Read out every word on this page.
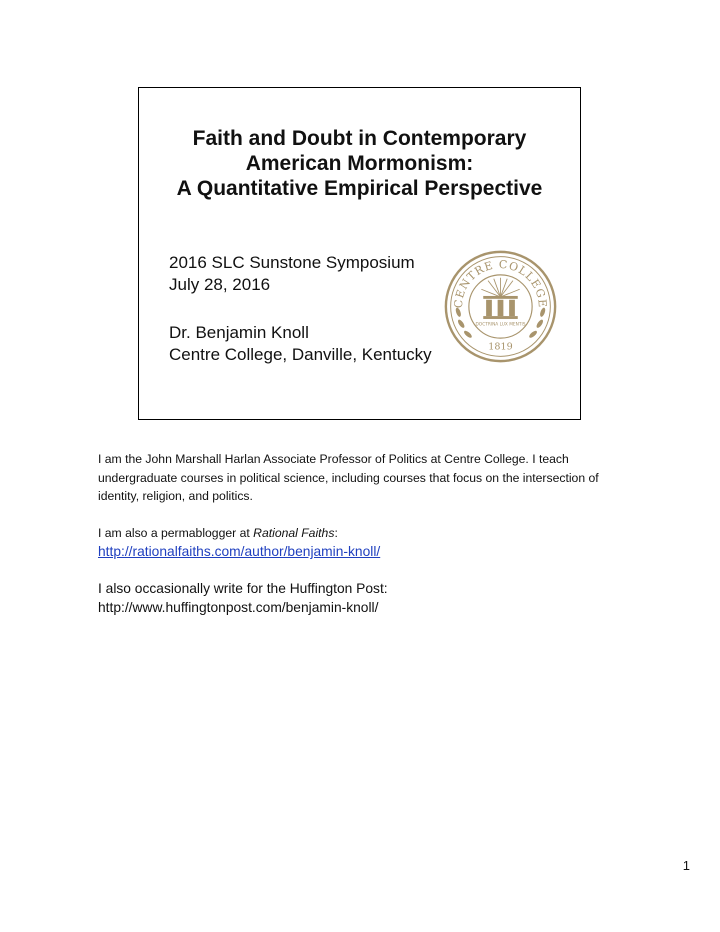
Faith and Doubt in Contemporary
American Mormonism:
A Quantitative Empirical Perspective
2016 SLC Sunstone Symposium
July 28, 2016
Dr. Benjamin Knoll
Centre College, Danville, Kentucky
CENTRE COLLEGE
DOCTRINA LUX MENTIS
1819

I am the John Marshall Harlan Associate Professor of Politics at Centre College. I teach undergraduate courses in political science, including courses that focus on the intersection of identity, religion, and politics.

I am also a permablogger at Rational Faiths:

http://rationalfaiths.com/author/benjamin-knoll/

I also occasionally write for the Huffington Post:

http://www.huffingtonpost.com/benjamin-knoll/

1
